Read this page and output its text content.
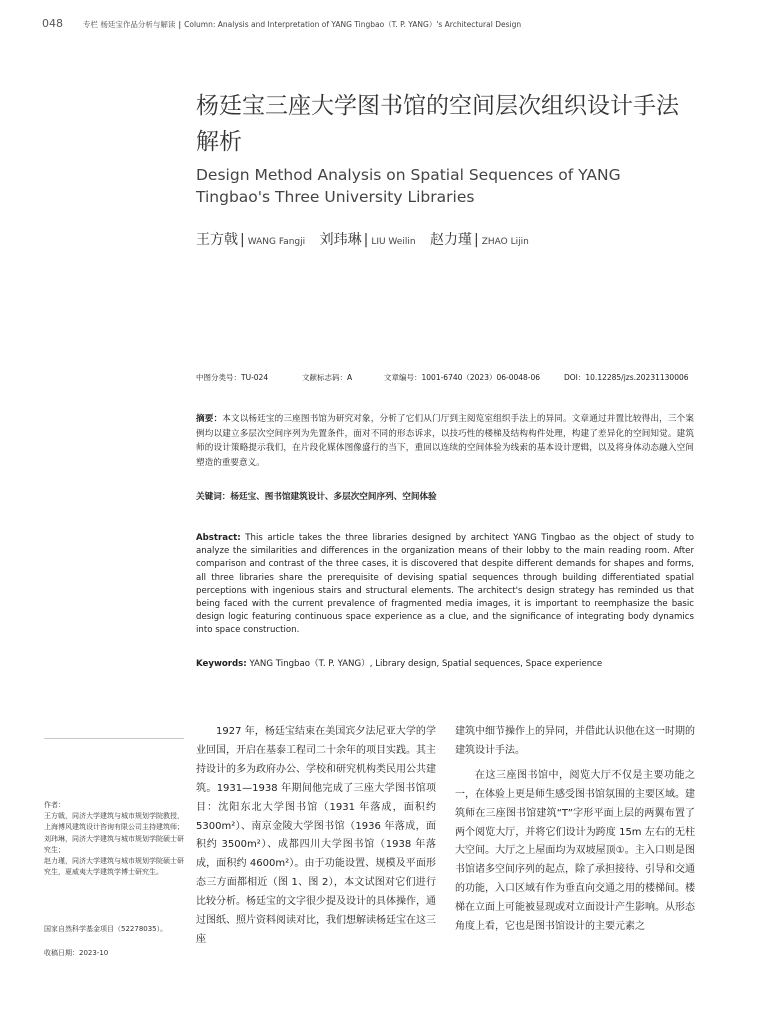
048	专栏 杨廷宝作品分析与解读 | Column: Analysis and Interpretation of YANG Tingbao（T. P. YANG）'s Architectural Design
杨廷宝三座大学图书馆的空间层次组织设计手法解析
Design Method Analysis on Spatial Sequences of YANG Tingbao's Three University Libraries
王方戟 | WANG Fangji 刘玮琳 | LIU Weilin 赵力瑾 | ZHAO Lijin
中图分类号：TU-024	文献标志码：A	文章编号：1001-6740（2023）06-0048-06	DOI：10.12285/jzs.20231130006
摘要：本文以杨廷宝的三座图书馆为研究对象，分析了它们从门厅到主阅览室组织手法上的异同。文章通过并置比较得出，三个案例均以建立多层次空间序列为先置条件，面对不同的形态诉求，以技巧性的楼梯及结构构件处理，构建了差异化的空间知觉。建筑师的设计策略提示我们，在片段化媒体图像盛行的当下，重回以连续的空间体验为线索的基本设计逻辑，以及将身体动态融入空间塑造的重要意义。
关键词：杨廷宝、图书馆建筑设计、多层次空间序列、空间体验
Abstract: This article takes the three libraries designed by architect YANG Tingbao as the object of study to analyze the similarities and differences in the organization means of their lobby to the main reading room. After comparison and contrast of the three cases, it is discovered that despite different demands for shapes and forms, all three libraries share the prerequisite of devising spatial sequences through building differentiated spatial perceptions with ingenious stairs and structural elements. The architect's design strategy has reminded us that being faced with the current prevalence of fragmented media images, it is important to reemphasize the basic design logic featuring continuous space experience as a clue, and the significance of integrating body dynamics into space construction.
Keywords: YANG Tingbao（T. P. YANG）, Library design, Spatial sequences, Space experience
作者：
王方戟，同济大学建筑与城市规划学院教授，上海博风建筑设计咨询有限公司主持建筑师；
刘玮琳，同济大学建筑与城市规划学院硕士研究生；
赵力瑾，同济大学建筑与城市规划学院硕士研究生，夏威夷大学建筑学博士研究生。
国家自然科学基金项目（52278035）。
收稿日期：2023-10

1927 年，杨廷宝结束在美国宾夕法尼亚大学的学业回国，开启在基泰工程司二十余年的项目实践。其主持设计的多为政府办公、学校和研究机构类民用公共建筑。1931—1938 年期间他完成了三座大学图书馆项目：沈阳东北大学图书馆（1931 年落成，面积约 5300m²）、南京金陵大学图书馆（1936 年落成，面积约 3500m²）、成都四川大学图书馆（1938 年落成，面积约 4600m²）。由于功能设置、规模及平面形态三方面都相近（图 1、图 2），本文试图对它们进行比较分析。杨廷宝的文字很少提及设计的具体操作，通过图纸、照片资料阅读对比，我们想解读杨廷宝在这三座

建筑中细节操作上的异同，并借此认识他在这一时期的建筑设计手法。

在这三座图书馆中，阅览大厅不仅是主要功能之一，在体验上更是师生感受图书馆氛围的主要区域。建筑师在三座图书馆建筑“T”字形平面上层的两翼布置了两个阅览大厅，并将它们设计为跨度 15m 左右的无柱大空间。大厅之上屋面均为双坡屋顶①。主入口则是图书馆诸多空间序列的起点，除了承担接待、引导和交通的功能，入口区域有作为垂直向交通之用的楼梯间。楼梯在立面上可能被显现或对立面设计产生影响。从形态角度上看，它也是图书馆设计的主要元素之
